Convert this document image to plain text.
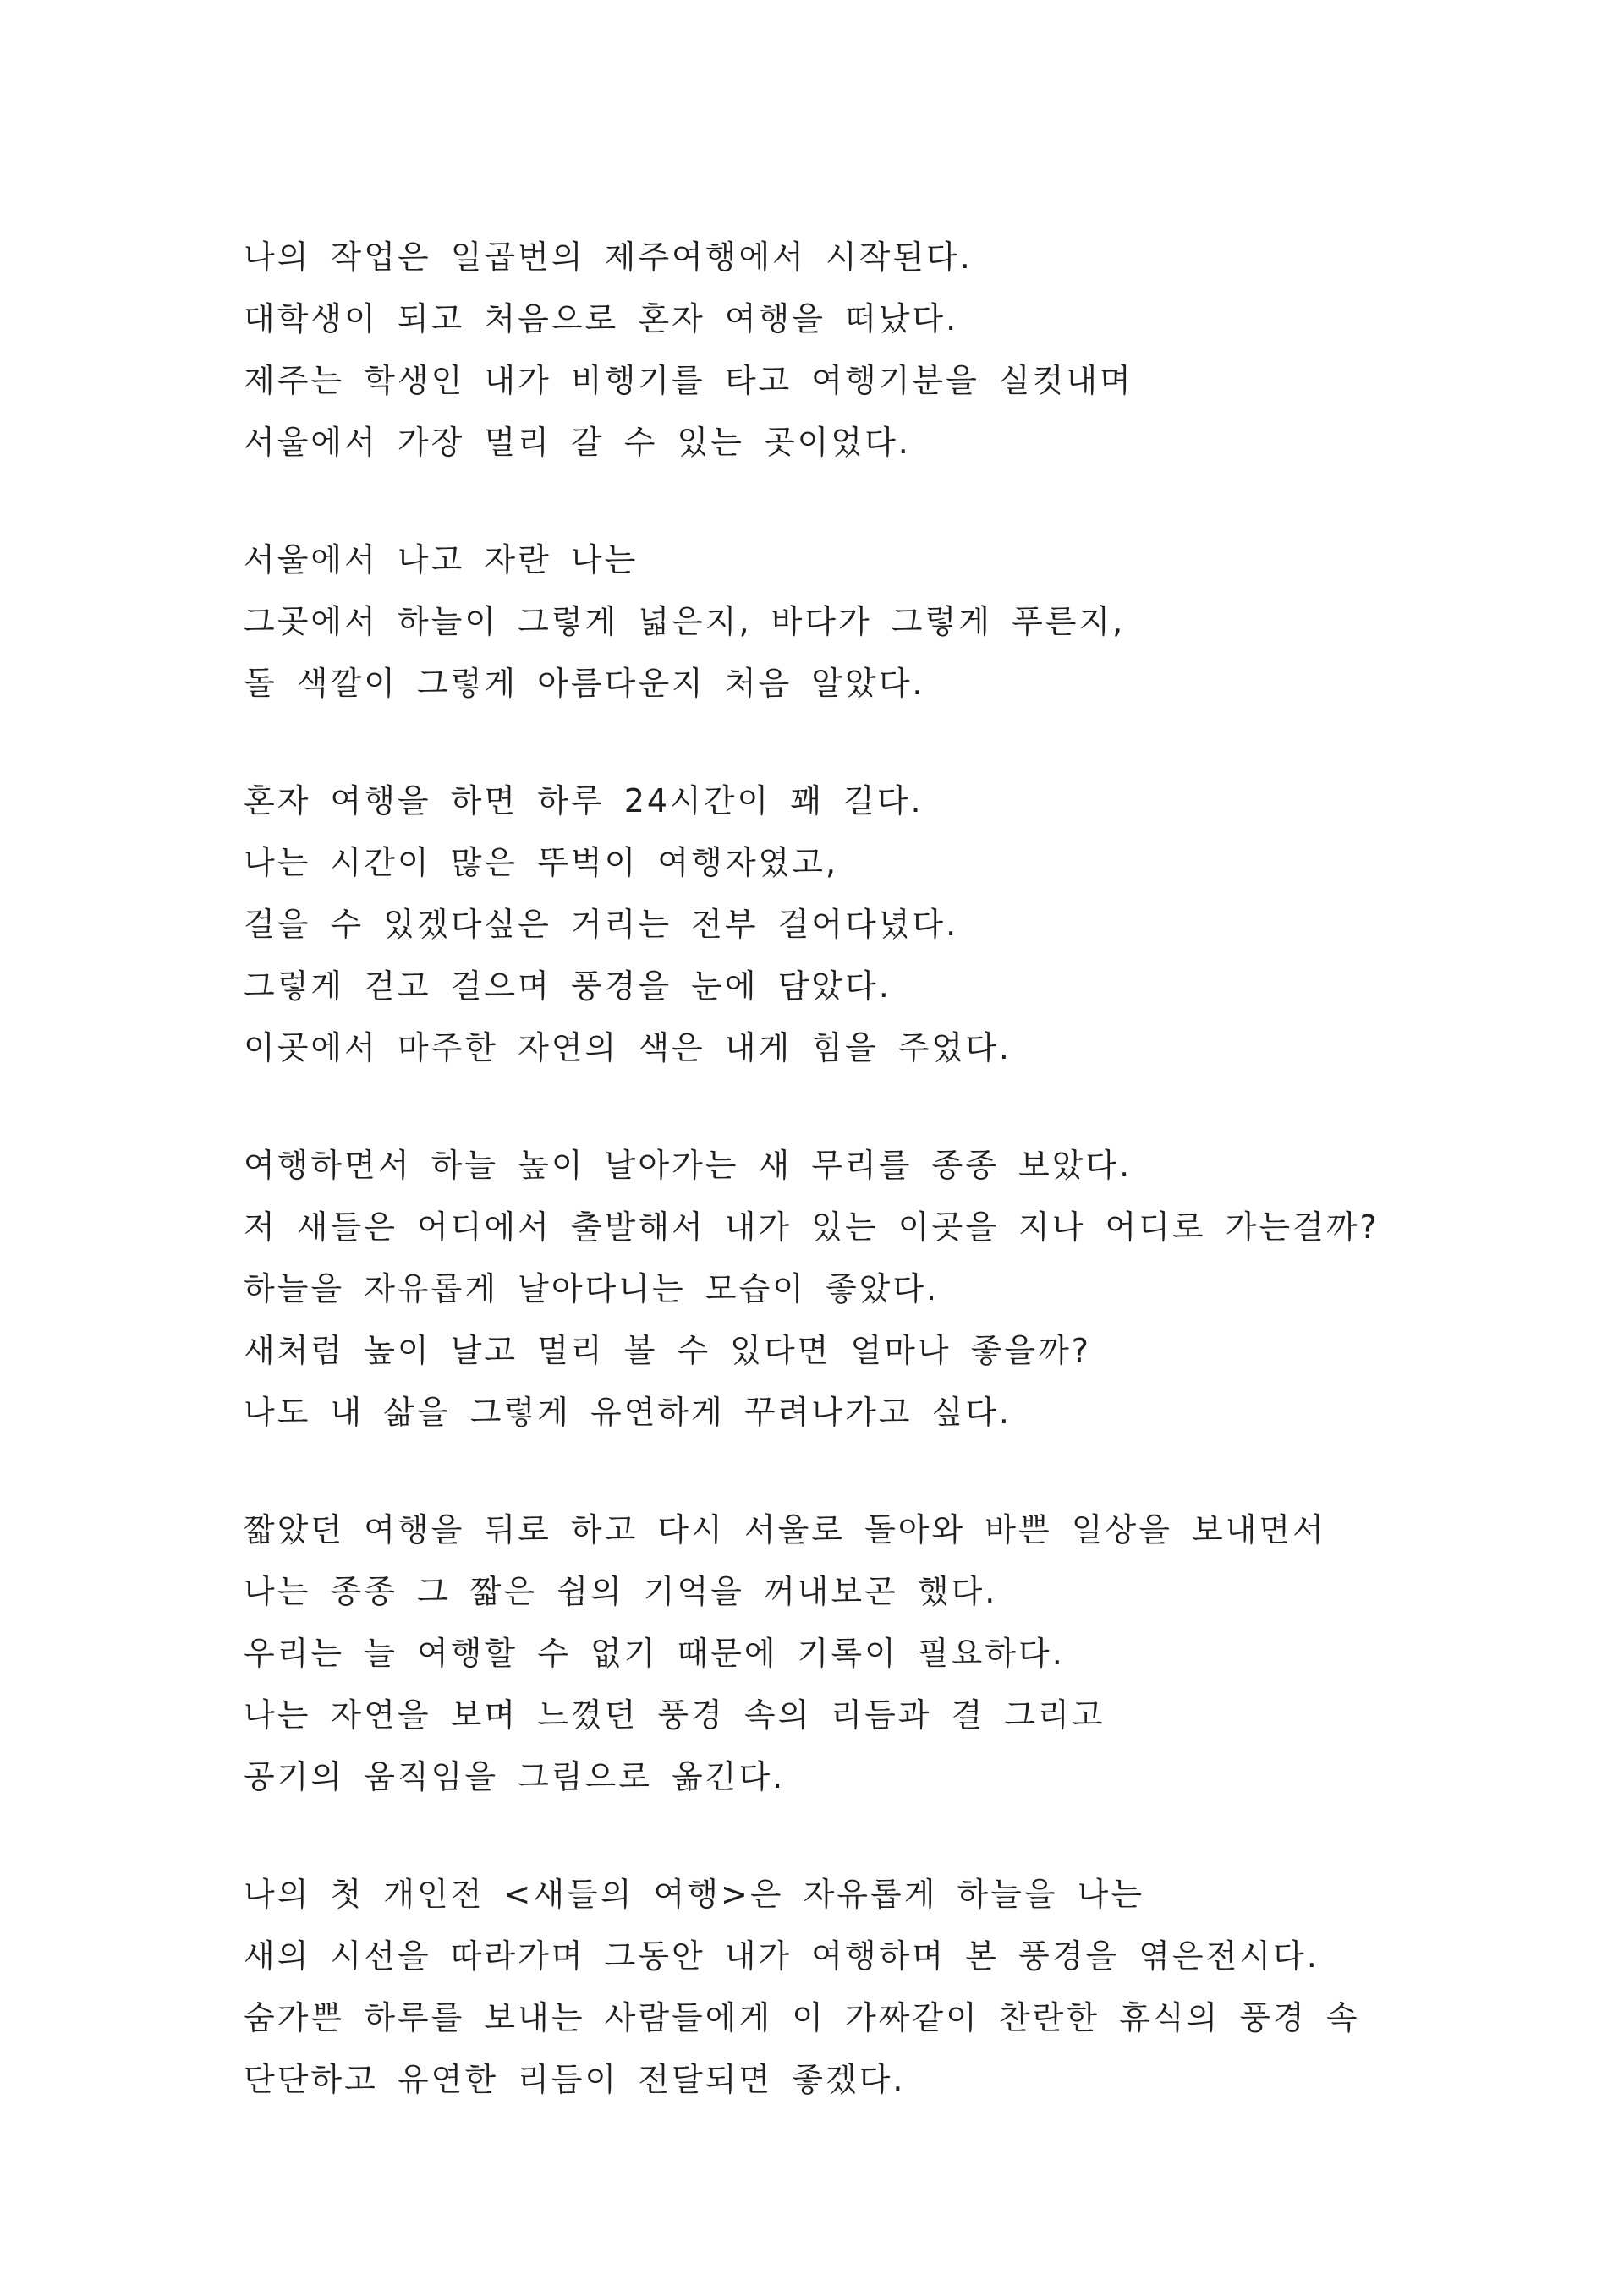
나의 작업은 일곱번의 제주여행에서 시작된다.
대학생이 되고 처음으로 혼자 여행을 떠났다.
제주는 학생인 내가 비행기를 타고 여행기분을 실컷내며
서울에서 가장 멀리 갈 수 있는 곳이었다.
서울에서 나고 자란 나는
그곳에서 하늘이 그렇게 넓은지, 바다가 그렇게 푸른지,
돌 색깔이 그렇게 아름다운지 처음 알았다.
혼자 여행을 하면 하루 24시간이 꽤 길다.
나는 시간이 많은 뚜벅이 여행자였고,
걸을 수 있겠다싶은 거리는 전부 걸어다녔다.
그렇게 걷고 걸으며 풍경을 눈에 담았다.
이곳에서 마주한 자연의 색은 내게 힘을 주었다.
여행하면서 하늘 높이 날아가는 새 무리를 종종 보았다.
저 새들은 어디에서 출발해서 내가 있는 이곳을 지나 어디로 가는걸까?
하늘을 자유롭게 날아다니는 모습이 좋았다.
새처럼 높이 날고 멀리 볼 수 있다면 얼마나 좋을까?
나도 내 삶을 그렇게 유연하게 꾸려나가고 싶다.
짧았던 여행을 뒤로 하고 다시 서울로 돌아와 바쁜 일상을 보내면서
나는 종종 그 짧은 쉼의 기억을 꺼내보곤 했다.
우리는 늘 여행할 수 없기 때문에 기록이 필요하다.
나는 자연을 보며 느꼈던 풍경 속의 리듬과 결 그리고
공기의 움직임을 그림으로 옮긴다.
나의 첫 개인전 <새들의 여행>은 자유롭게 하늘을 나는
새의 시선을 따라가며 그동안 내가 여행하며 본 풍경을 엮은전시다.
숨가쁜 하루를 보내는 사람들에게 이 가짜같이 찬란한 휴식의 풍경 속
단단하고 유연한 리듬이 전달되면 좋겠다.
